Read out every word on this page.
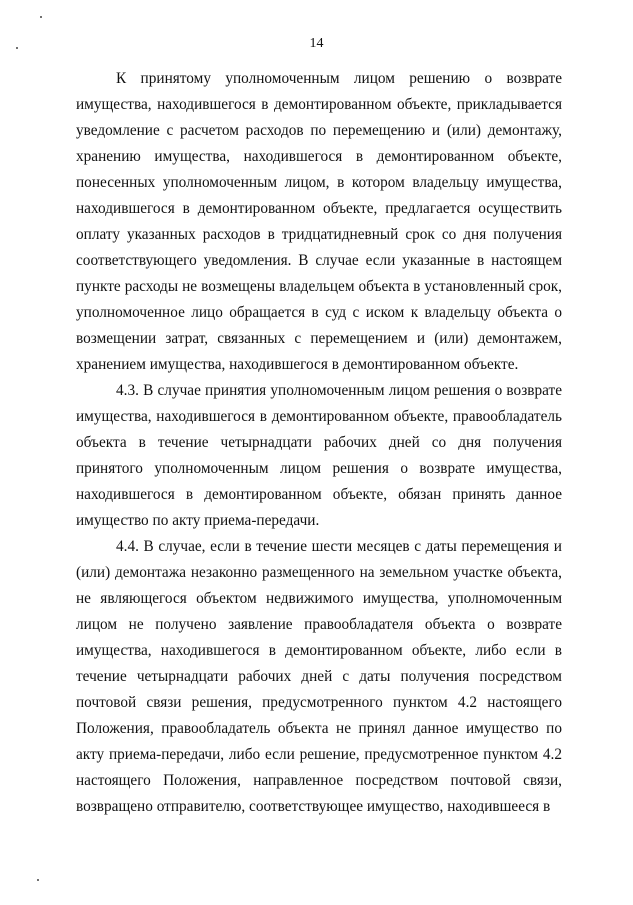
14

К принятому уполномоченным лицом решению о возврате имущества, находившегося в демонтированном объекте, прикладывается уведомление с расчетом расходов по перемещению и (или) демонтажу, хранению имущества, находившегося в демонтированном объекте, понесенных уполномоченным лицом, в котором владельцу имущества, находившегося в демонтированном объекте, предлагается осуществить оплату указанных расходов в тридцатидневный срок со дня получения соответствующего уведомления. В случае если указанные в настоящем пункте расходы не возмещены владельцем объекта в установленный срок, уполномоченное лицо обращается в суд с иском к владельцу объекта о возмещении затрат, связанных с перемещением и (или) демонтажем, хранением имущества, находившегося в демонтированном объекте.

4.3. В случае принятия уполномоченным лицом решения о возврате имущества, находившегося в демонтированном объекте, правообладатель объекта в течение четырнадцати рабочих дней со дня получения принятого уполномоченным лицом решения о возврате имущества, находившегося в демонтированном объекте, обязан принять данное имущество по акту приема-передачи.

4.4. В случае, если в течение шести месяцев с даты перемещения и (или) демонтажа незаконно размещенного на земельном участке объекта, не являющегося объектом недвижимого имущества, уполномоченным лицом не получено заявление правообладателя объекта о возврате имущества, находившегося в демонтированном объекте, либо если в течение четырнадцати рабочих дней с даты получения посредством почтовой связи решения, предусмотренного пунктом 4.2 настоящего Положения, правообладатель объекта не принял данное имущество по акту приема-передачи, либо если решение, предусмотренное пунктом 4.2 настоящего Положения, направленное посредством почтовой связи, возвращено отправителю, соответствующее имущество, находившееся в
